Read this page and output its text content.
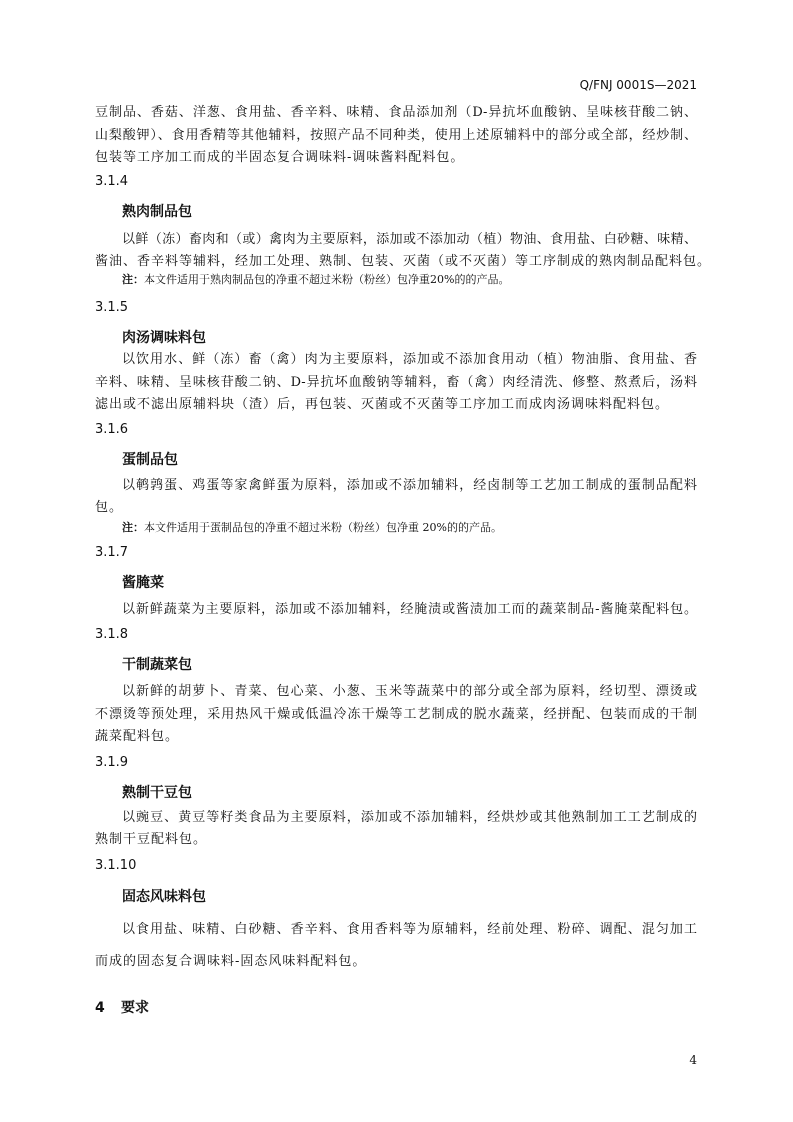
Q/FNJ 0001S—2021
豆制品、香菇、洋葱、食用盐、香辛料、味精、食品添加剂（D-异抗坏血酸钠、呈味核苷酸二钠、
山梨酸钾）、食用香精等其他辅料，按照产品不同种类，使用上述原辅料中的部分或全部，经炒制、
包装等工序加工而成的半固态复合调味料-调味酱料配料包。
3.1.4
熟肉制品包
以鲜（冻）畜肉和（或）禽肉为主要原料，添加或不添加动（植）物油、食用盐、白砂糖、味精、
酱油、香辛料等辅料，经加工处理、熟制、包装、灭菌（或不灭菌）等工序制成的熟肉制品配料包。
注：本文件适用于熟肉制品包的净重不超过米粉（粉丝）包净重20%的的产品。
3.1.5
肉汤调味料包
以饮用水、鲜（冻）畜（禽）肉为主要原料，添加或不添加食用动（植）物油脂、食用盐、香
辛料、味精、呈味核苷酸二钠、D-异抗坏血酸钠等辅料，畜（禽）肉经清洗、修整、熬煮后，汤料
滤出或不滤出原辅料块（渣）后，再包装、灭菌或不灭菌等工序加工而成肉汤调味料配料包。
3.1.6
蛋制品包
以鹌鹑蛋、鸡蛋等家禽鲜蛋为原料，添加或不添加辅料，经卤制等工艺加工制成的蛋制品配料
包。
注：本文件适用于蛋制品包的净重不超过米粉（粉丝）包净重 20%的的产品。
3.1.7
酱腌菜
以新鲜蔬菜为主要原料，添加或不添加辅料，经腌渍或酱渍加工而的蔬菜制品-酱腌菜配料包。
3.1.8
干制蔬菜包
以新鲜的胡萝卜、青菜、包心菜、小葱、玉米等蔬菜中的部分或全部为原料，经切型、漂烫或
不漂烫等预处理，采用热风干燥或低温冷冻干燥等工艺制成的脱水蔬菜，经拼配、包装而成的干制
蔬菜配料包。
3.1.9
熟制干豆包
以豌豆、黄豆等籽类食品为主要原料，添加或不添加辅料，经烘炒或其他熟制加工工艺制成的
熟制干豆配料包。
3.1.10
固态风味料包
以食用盐、味精、白砂糖、香辛料、食用香料等为原辅料，经前处理、粉碎、调配、混匀加工
而成的固态复合调味料-固态风味料配料包。
4 要求
4
